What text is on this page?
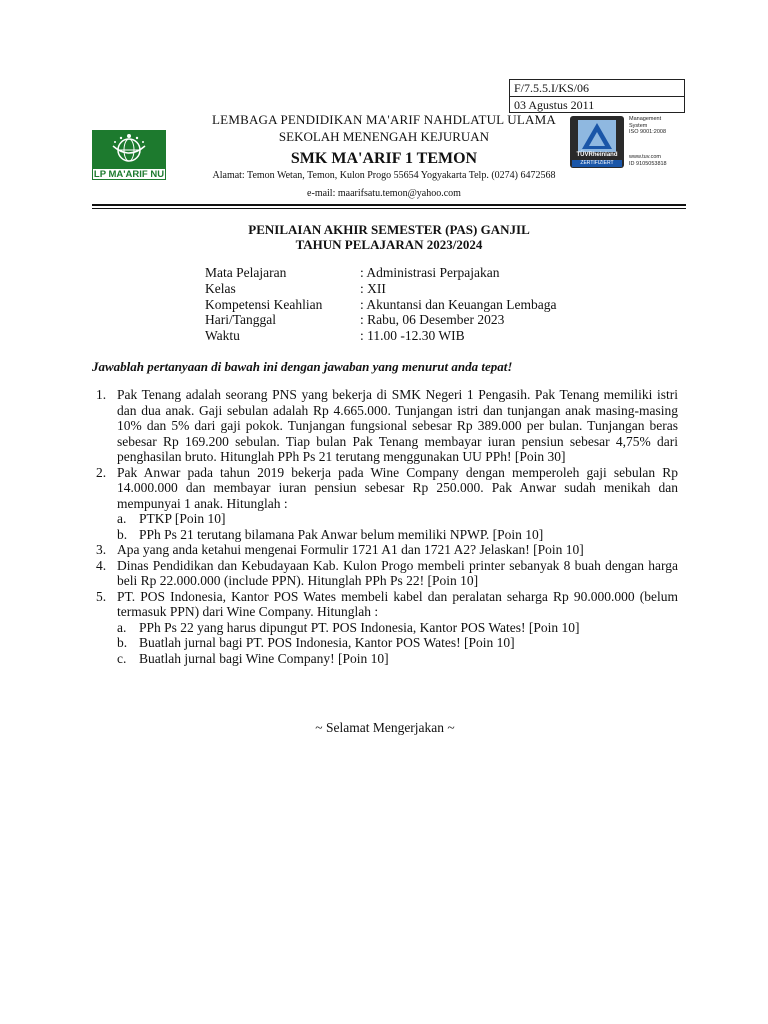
F/7.5.5.I/KS/06
03 Agustus 2011
LP MA'ARIF NU
TÜVRheinland
ZERTIFIZIERT
Management
System
ISO 9001:2008
www.tuv.com
ID 9105053818
LEMBAGA PENDIDIKAN MA'ARIF NAHDLATUL ULAMA
SEKOLAH MENENGAH KEJURUAN
SMK MA'ARIF 1 TEMON
Alamat: Temon Wetan, Temon, Kulon Progo 55654 Yogyakarta Telp. (0274) 6472568
e-mail: maarifsatu.temon@yahoo.com
PENILAIAN AKHIR SEMESTER (PAS) GANJIL
TAHUN PELAJARAN 2023/2024
Mata Pelajaran	: Administrasi Perpajakan
Kelas	: XII
Kompetensi Keahlian	: Akuntansi dan Keuangan Lembaga
Hari/Tanggal	: Rabu, 06 Desember 2023
Waktu	: 11.00 -12.30 WIB
Jawablah pertanyaan di bawah ini dengan jawaban yang menurut anda tepat!
1. Pak Tenang adalah seorang PNS yang bekerja di SMK Negeri 1 Pengasih. Pak Tenang memiliki istri dan dua anak. Gaji sebulan adalah Rp 4.665.000. Tunjangan istri dan tunjangan anak masing-masing 10% dan 5% dari gaji pokok. Tunjangan fungsional sebesar Rp 389.000 per bulan. Tunjangan beras sebesar Rp 169.200 sebulan. Tiap bulan Pak Tenang membayar iuran pensiun sebesar 4,75% dari penghasilan bruto. Hitunglah PPh Ps 21 terutang menggunakan UU PPh! [Poin 30]
2. Pak Anwar pada tahun 2019 bekerja pada Wine Company dengan memperoleh gaji sebulan Rp 14.000.000 dan membayar iuran pensiun sebesar Rp 250.000. Pak Anwar sudah menikah dan mempunyai 1 anak. Hitunglah :
a. PTKP [Poin 10]
b. PPh Ps 21 terutang bilamana Pak Anwar belum memiliki NPWP. [Poin 10]
3. Apa yang anda ketahui mengenai Formulir 1721 A1 dan 1721 A2? Jelaskan! [Poin 10]
4. Dinas Pendidikan dan Kebudayaan Kab. Kulon Progo membeli printer sebanyak 8 buah dengan harga beli Rp 22.000.000 (include PPN). Hitunglah PPh Ps 22! [Poin 10]
5. PT. POS Indonesia, Kantor POS Wates membeli kabel dan peralatan seharga Rp 90.000.000 (belum termasuk PPN) dari Wine Company. Hitunglah :
a. PPh Ps 22 yang harus dipungut PT. POS Indonesia, Kantor POS Wates! [Poin 10]
b. Buatlah jurnal bagi PT. POS Indonesia, Kantor POS Wates! [Poin 10]
c. Buatlah jurnal bagi Wine Company! [Poin 10]
~ Selamat Mengerjakan ~
